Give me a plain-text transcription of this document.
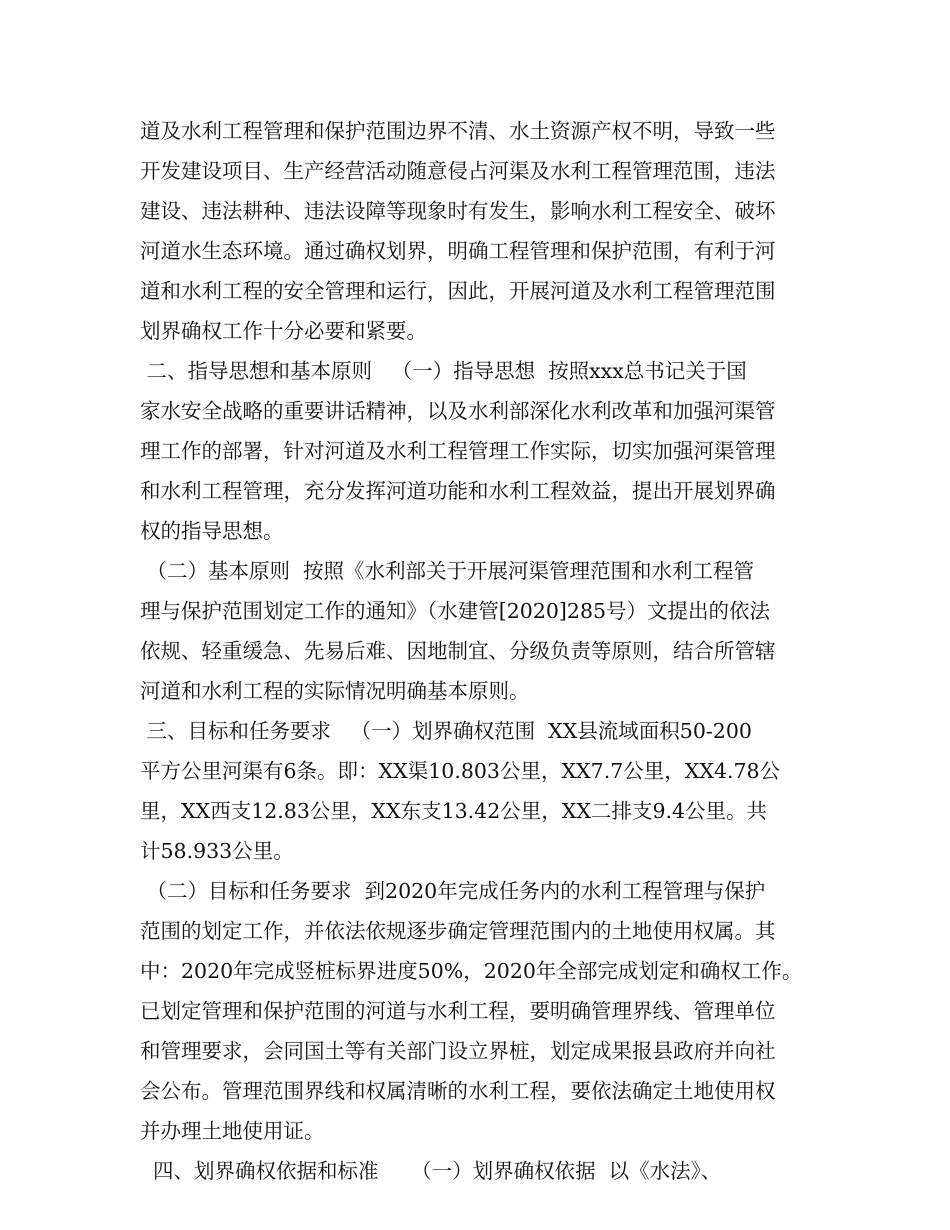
道及水利工程管理和保护范围边界不清、水土资源产权不明，导致一些
开发建设项目、生产经营活动随意侵占河渠及水利工程管理范围，违法
建设、违法耕种、违法设障等现象时有发生，影响水利工程安全、破坏
河道水生态环境。通过确权划界，明确工程管理和保护范围，有利于河
道和水利工程的安全管理和运行，因此，开展河道及水利工程管理范围
划界确权工作十分必要和紧要。
二、指导思想和基本原则   （一）指导思想  按照xxx总书记关于国
家水安全战略的重要讲话精神，以及水利部深化水利改革和加强河渠管
理工作的部署，针对河道及水利工程管理工作实际，切实加强河渠管理
和水利工程管理，充分发挥河道功能和水利工程效益，提出开展划界确
权的指导思想。
（二）基本原则  按照《水利部关于开展河渠管理范围和水利工程管
理与保护范围划定工作的通知》（水建管[2020]285号）文提出的依法
依规、轻重缓急、先易后难、因地制宜、分级负责等原则，结合所管辖
河道和水利工程的实际情况明确基本原则。
三、目标和任务要求   （一）划界确权范围  XX县流域面积50-200
平方公里河渠有6条。即：XX渠10.803公里，XX7.7公里，XX4.78公
里，XX西支12.83公里，XX东支13.42公里，XX二排支9.4公里。共
计58.933公里。
（二）目标和任务要求  到2020年完成任务内的水利工程管理与保护
范围的划定工作，并依法依规逐步确定管理范围内的土地使用权属。其
中：2020年完成竖桩标界进度50%，2020年全部完成划定和确权工作。
已划定管理和保护范围的河道与水利工程，要明确管理界线、管理单位
和管理要求，会同国土等有关部门设立界桩，划定成果报县政府并向社
会公布。管理范围界线和权属清晰的水利工程，要依法确定土地使用权
并办理土地使用证。
四、划界确权依据和标准     （一）划界确权依据  以《水法》、
